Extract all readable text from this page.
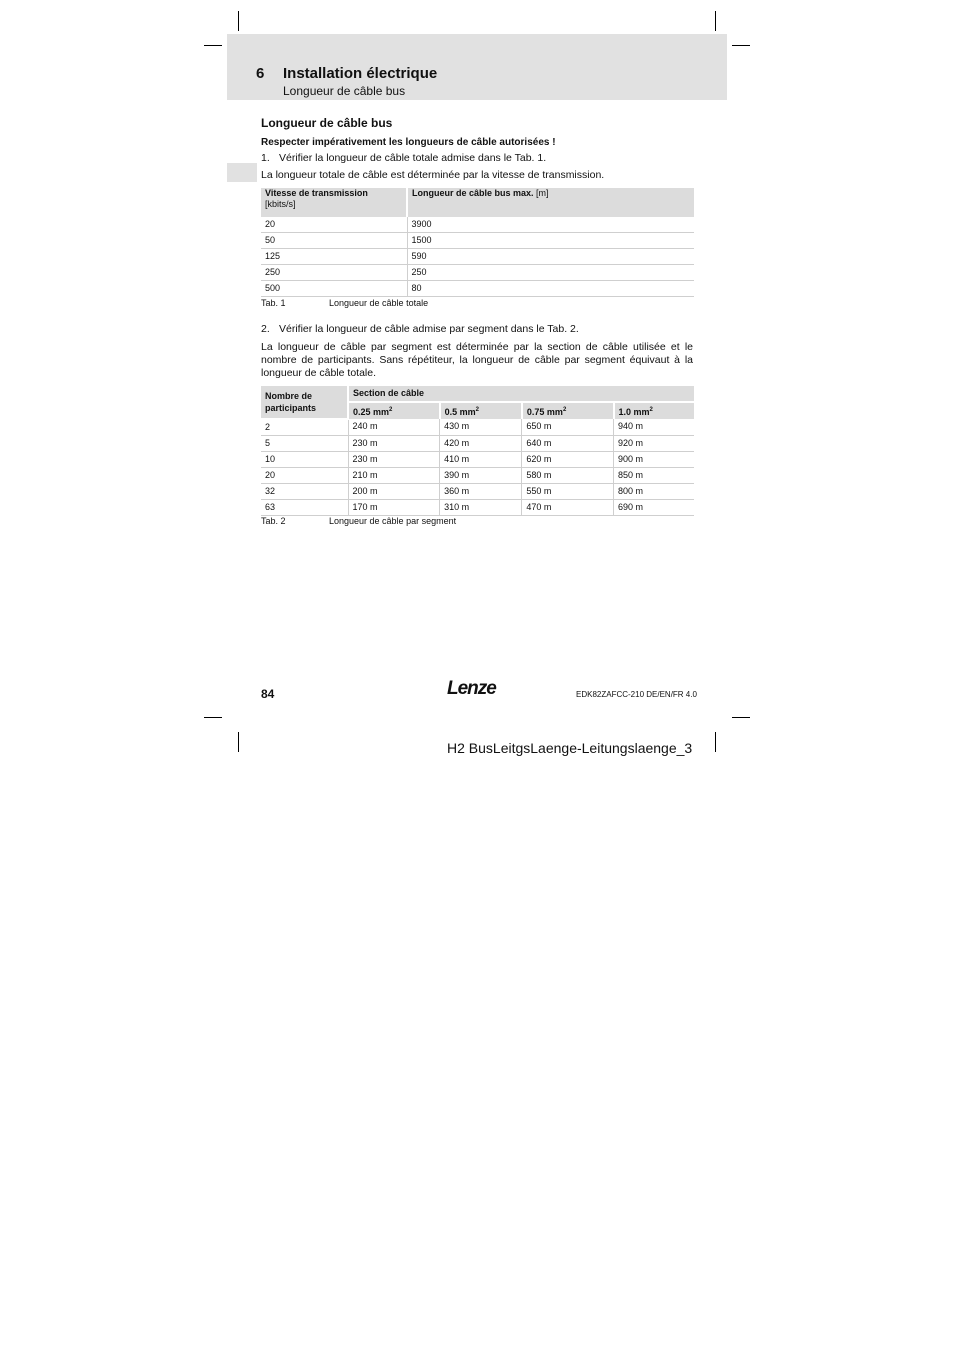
6 Installation électrique
Longueur de câble bus
Longueur de câble bus
Respecter impérativement les longueurs de câble autorisées !
1. Vérifier la longueur de câble totale admise dans le Tab. 1.
La longueur totale de câble est déterminée par la vitesse de transmission.
Vitesse de transmission
[kbits/s]	Longueur de câble bus max. [m]
20	3900
50	1500
125	590
250	250
500	80
Tab. 1	Longueur de câble totale
2. Vérifier la longueur de câble admise par segment dans le Tab. 2.
La longueur de câble par segment est déterminée par la section de câble utilisée et le nombre de participants. Sans répétiteur, la longueur de câble par segment équivaut à la longueur de câble totale.
Nombre de
participants	Section de câble			
	0.25 $mm^2$	0.5 $mm^2$	0.75 $mm^2$	1.0 $mm^2$
2	240 m	430 m	650 m	940 m
5	230 m	420 m	640 m	920 m
10	230 m	410 m	620 m	900 m
20	210 m	390 m	580 m	850 m
32	200 m	360 m	550 m	800 m
63	170 m	310 m	470 m	690 m
Tab. 2	Longueur de câble par segment
84	Lenze	EDK82ZAFCC-210 DE/EN/FR 4.0
H2 BusLeitgsLaenge-Leitungslaenge_3
